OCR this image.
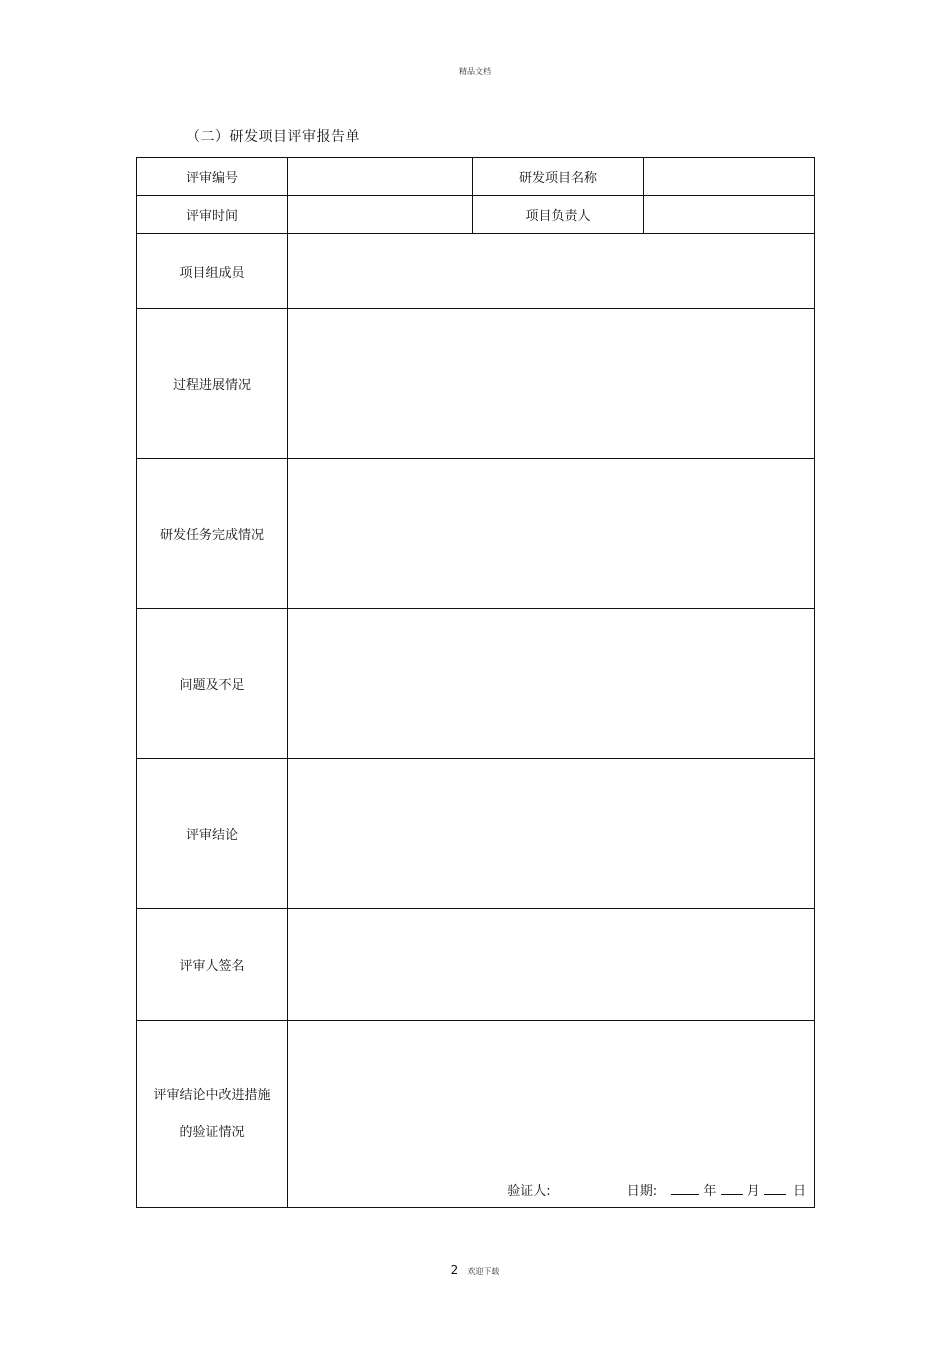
精品文档
（二）研发项目评审报告单
评审编号		研发项目名称	
评审时间		项目负责人	
项目组成员			
过程进展情况			
研发任务完成情况			
问题及不足			
评审结论			
评审人签名			

评审结论中改进措施
的验证情况	验证人: 日期: 年 月 日		
2 欢迎下载
